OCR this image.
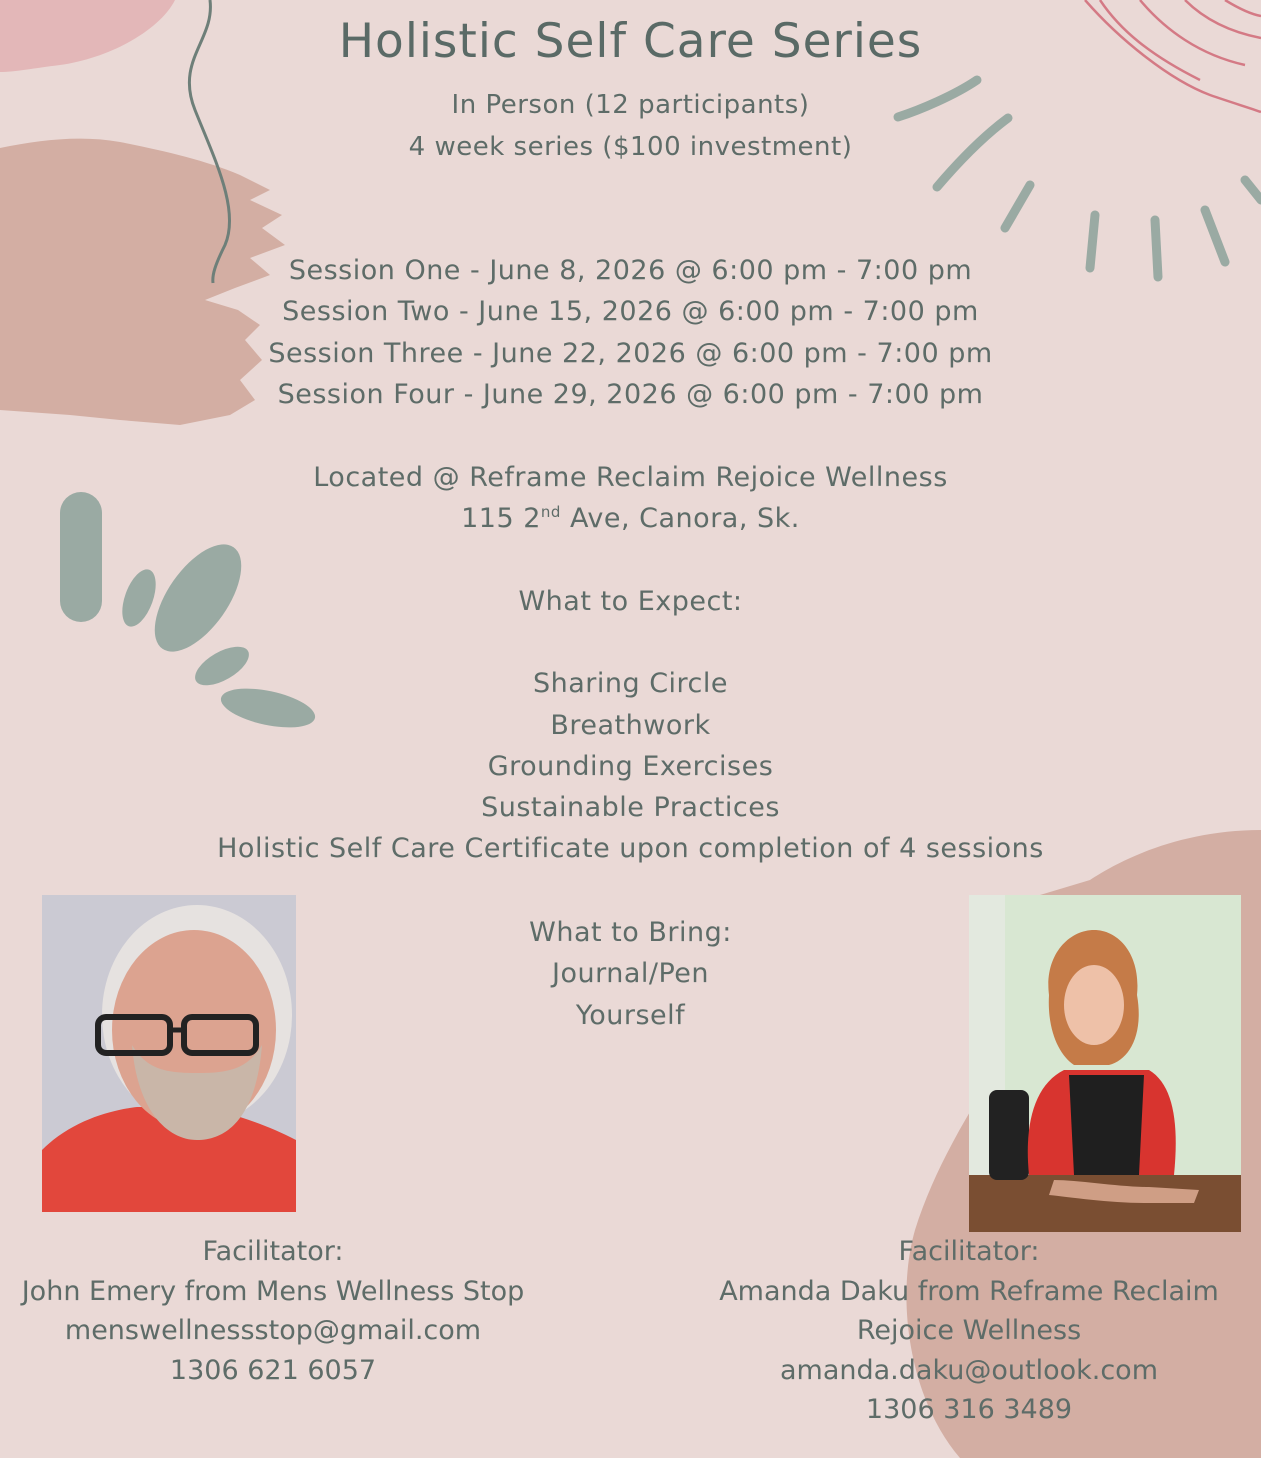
Holistic Self Care Series
In Person (12 participants)
4 week series ($100 investment)
Session One - June 8, 2026 @ 6:00 pm - 7:00 pm
Session Two - June 15, 2026 @ 6:00 pm - 7:00 pm
Session Three - June 22, 2026 @ 6:00 pm - 7:00 pm
Session Four - June 29, 2026 @ 6:00 pm - 7:00 pm
Located @ Reframe Reclaim Rejoice Wellness
115 2nd Ave, Canora, Sk.
What to Expect:
Sharing Circle
Breathwork
Grounding Exercises
Sustainable Practices
Holistic Self Care Certificate upon completion of 4 sessions
What to Bring:
Journal/Pen
Yourself
Facilitator:
John Emery from Mens Wellness Stop
menswellnessstop@gmail.com
1306 621 6057
Facilitator:
Amanda Daku from Reframe Reclaim
Rejoice Wellness
amanda.daku@outlook.com
1306 316 3489
